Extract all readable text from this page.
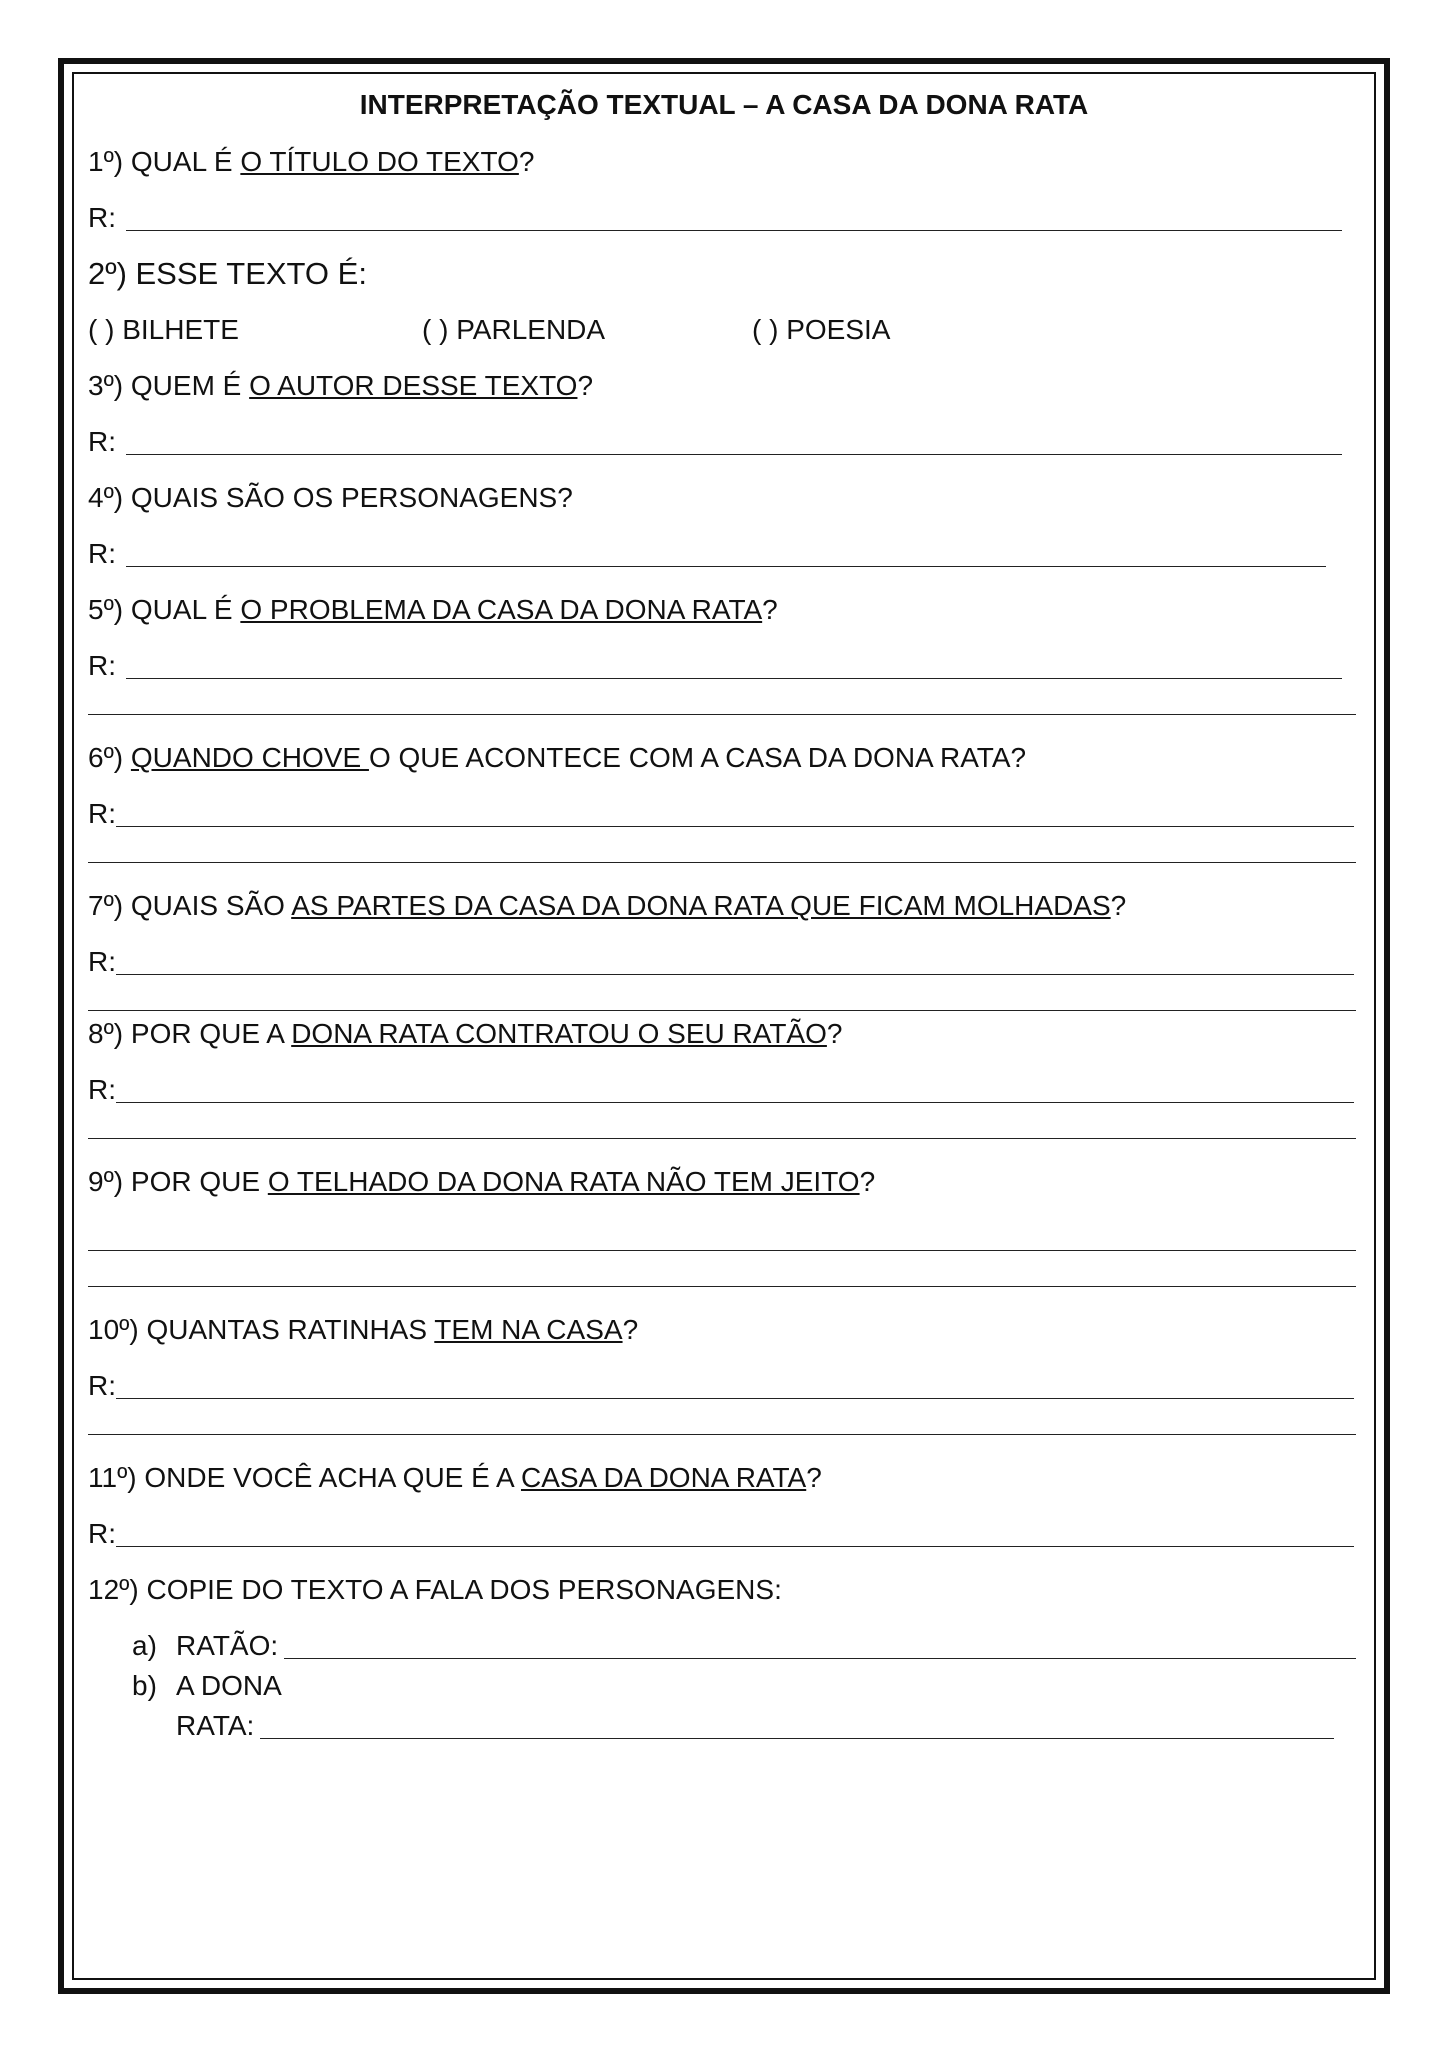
INTERPRETAÇÃO TEXTUAL – A CASA DA DONA RATA
1º) QUAL É O TÍTULO DO TEXTO?
R:
2º) ESSE TEXTO É:
( ) BILHETE	( ) PARLENDA	( ) POESIA
3º) QUEM É O AUTOR DESSE TEXTO?
R:
4º) QUAIS SÃO OS PERSONAGENS?
R:
5º) QUAL É O PROBLEMA DA CASA DA DONA RATA?
R:
6º) QUANDO CHOVE O QUE ACONTECE COM A CASA DA DONA RATA?
R:
7º) QUAIS SÃO AS PARTES DA CASA DA DONA RATA QUE FICAM MOLHADAS?
R:
8º) POR QUE A DONA RATA CONTRATOU O SEU RATÃO?
R:
9º) POR QUE O TELHADO DA DONA RATA NÃO TEM JEITO?
10º) QUANTAS RATINHAS TEM NA CASA?
R:
11º) ONDE VOCÊ ACHA QUE É A CASA DA DONA RATA?
R:
12º) COPIE DO TEXTO A FALA DOS PERSONAGENS:
a) RATÃO:
b) A DONA
RATA:
